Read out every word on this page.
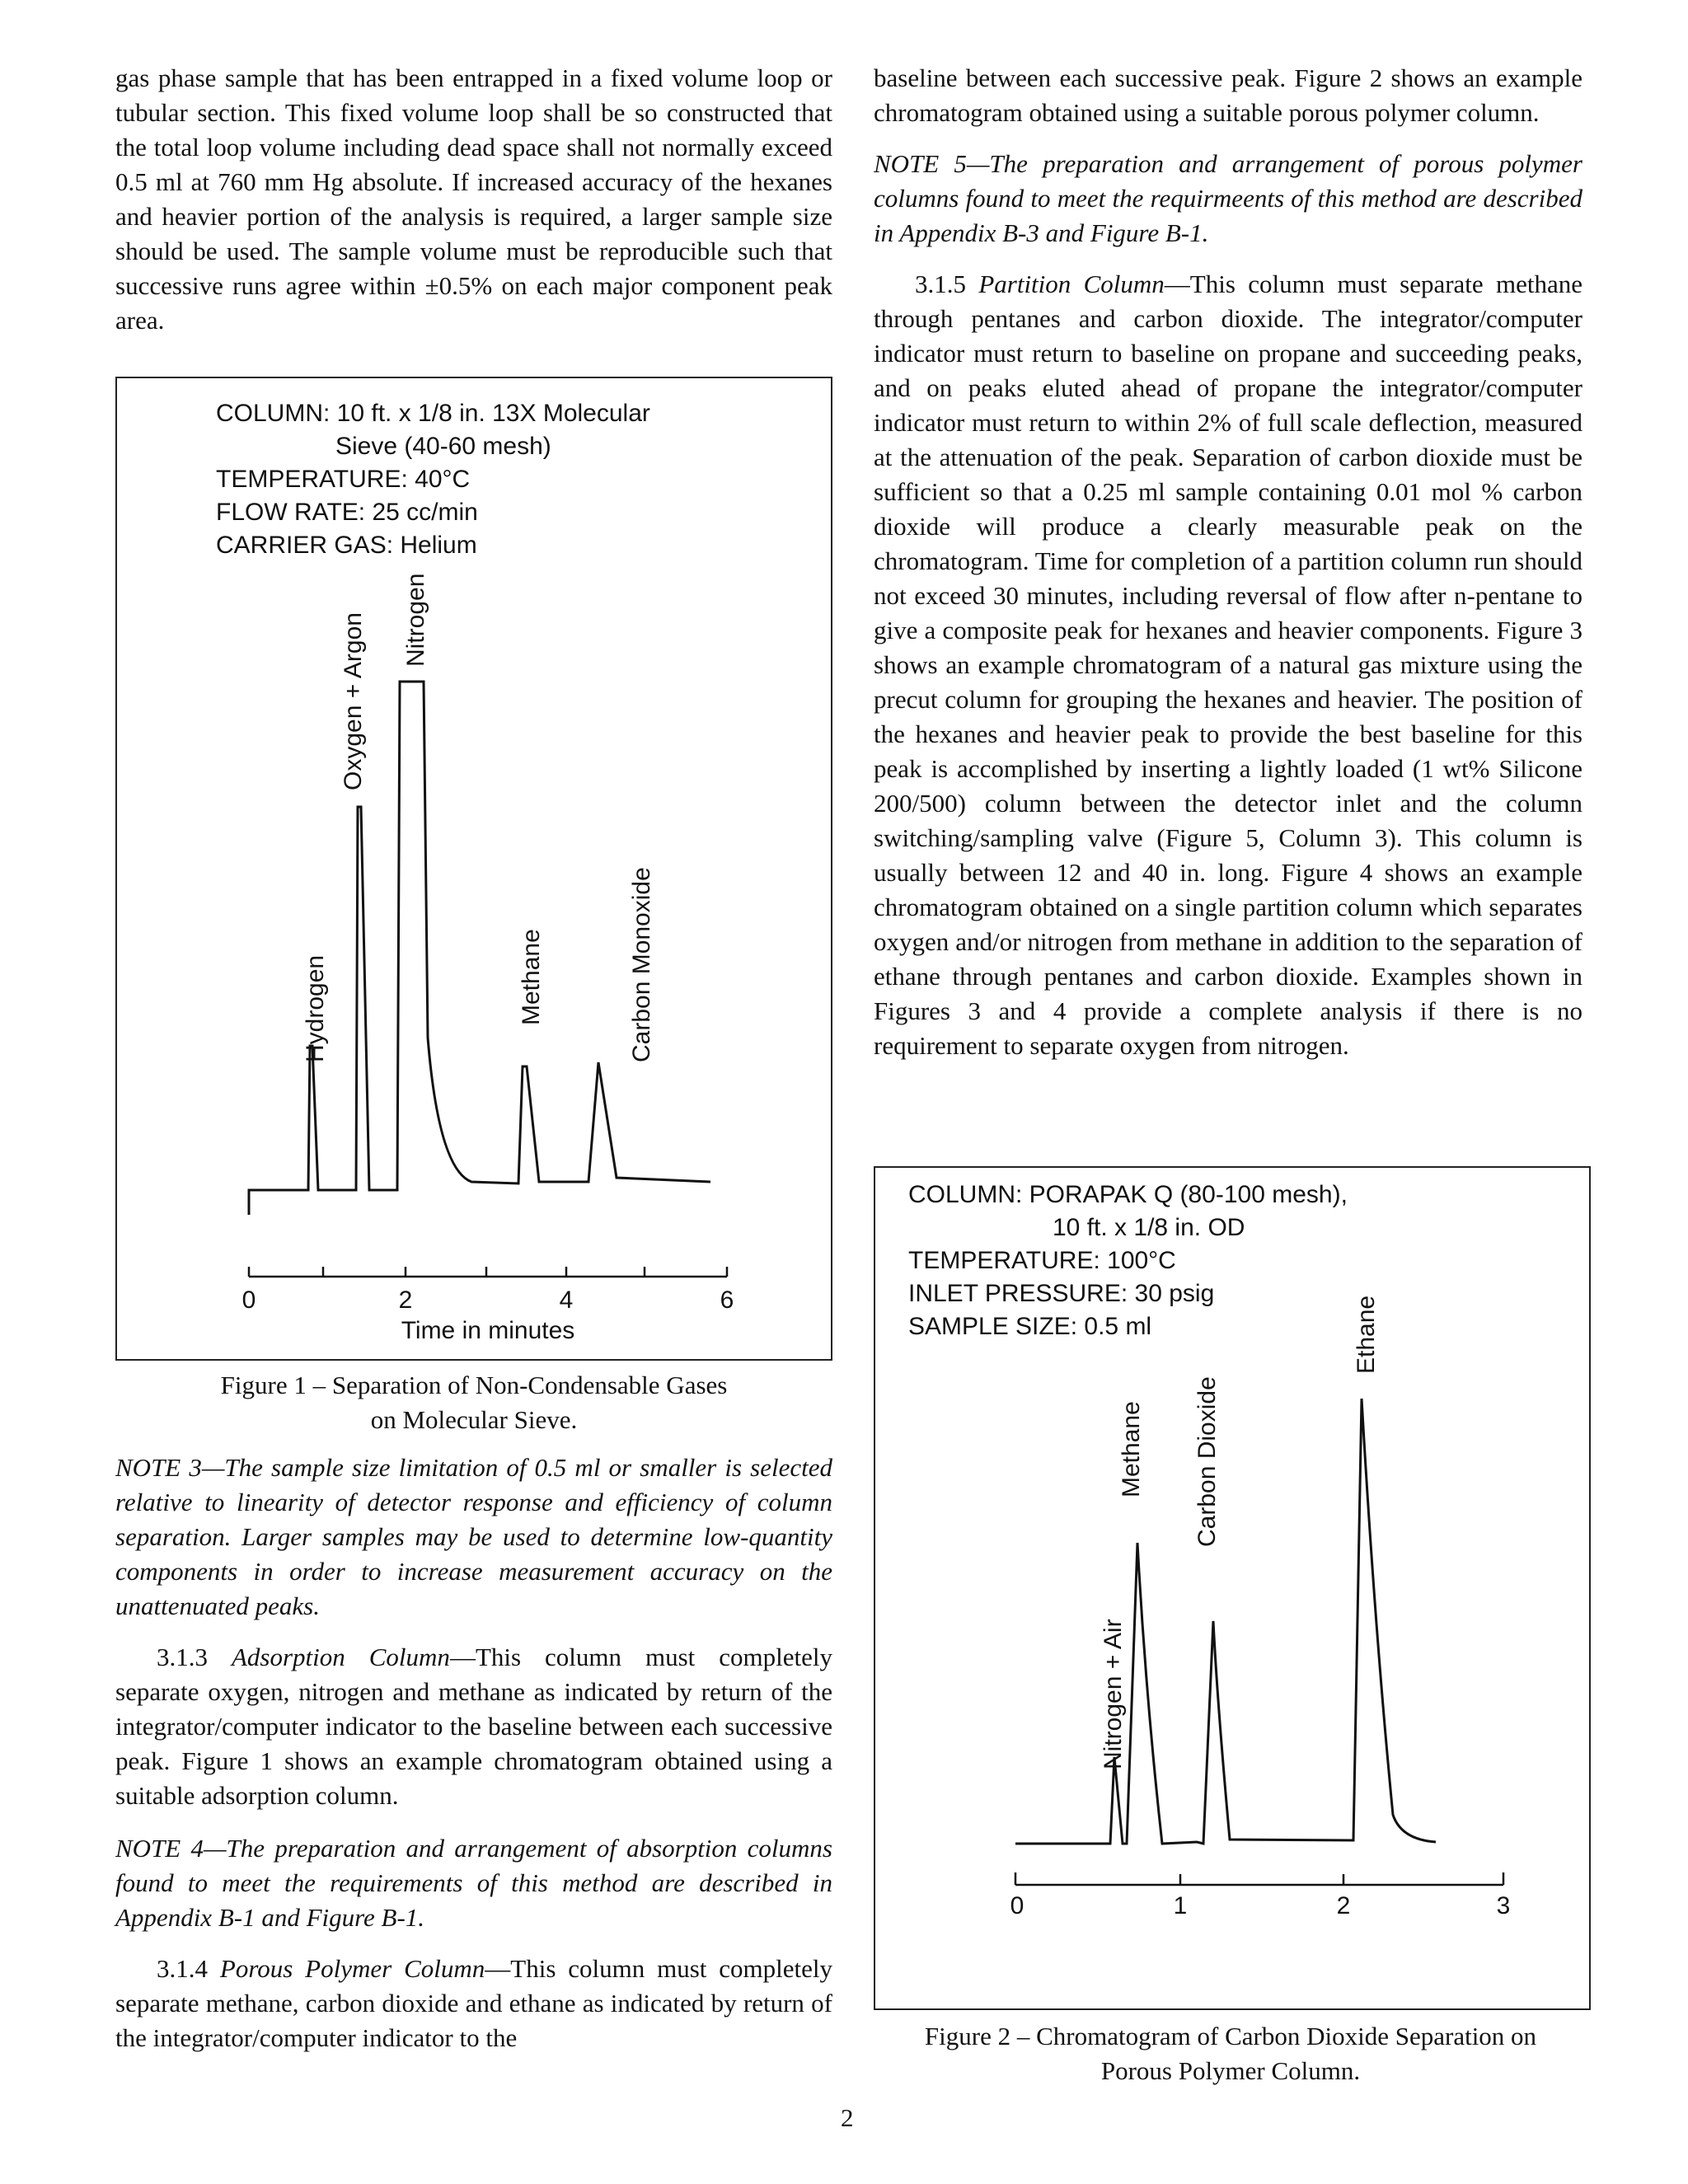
gas phase sample that has been entrapped in a fixed volume loop or tubular section. This fixed volume loop shall be so constructed that the total loop volume including dead space shall not normally exceed 0.5 ml at 760 mm Hg absolute. If increased accuracy of the hexanes and heavier portion of the analysis is required, a larger sample size should be used. The sample volume must be reproducible such that successive runs agree within ±0.5% on each major component peak area.

COLUMN: 10 ft. x 1/8 in. 13X Molecular
Sieve (40-60 mesh)
TEMPERATURE: 40°C
FLOW RATE: 25 cc/min
CARRIER GAS: Helium
Hydrogen
Oxygen + Argon Nitrogen
Methane	Carbon Monoxide
0	2	4	6
Time in minutes
Figure 1 – Separation of Non-Condensable Gases
on Molecular Sieve.

NOTE 3—The sample size limitation of 0.5 ml or smaller is selected relative to linearity of detector response and efficiency of column separation. Larger samples may be used to determine low-quantity components in order to increase measurement accuracy on the unattenuated peaks.

3.1.3 Adsorption Column—This column must completely separate oxygen, nitrogen and methane as indicated by return of the integrator/computer indicator to the baseline between each successive peak. Figure 1 shows an example chromatogram obtained using a suitable adsorption column.

NOTE 4—The preparation and arrangement of absorption columns found to meet the requirements of this method are described in Appendix B-1 and Figure B-1.

3.1.4 Porous Polymer Column—This column must completely separate methane, carbon dioxide and ethane as indicated by return of the integrator/computer indicator to the

baseline between each successive peak. Figure 2 shows an example chromatogram obtained using a suitable porous polymer column.

NOTE 5—The preparation and arrangement of porous polymer columns found to meet the requirmeents of this method are described in Appendix B-3 and Figure B-1.

3.1.5 Partition Column—This column must separate methane through pentanes and carbon dioxide. The integrator/computer indicator must return to baseline on propane and succeeding peaks, and on peaks eluted ahead of propane the integrator/computer indicator must return to within 2% of full scale deflection, measured at the attenuation of the peak. Separation of carbon dioxide must be sufficient so that a 0.25 ml sample containing 0.01 mol % carbon dioxide will produce a clearly measurable peak on the chromatogram. Time for completion of a partition column run should not exceed 30 minutes, including reversal of flow after n-pentane to give a composite peak for hexanes and heavier components. Figure 3 shows an example chromatogram of a natural gas mixture using the precut column for grouping the hexanes and heavier. The position of the hexanes and heavier peak to provide the best baseline for this peak is accomplished by inserting a lightly loaded (1 wt% Silicone 200/500) column between the detector inlet and the column switching/sampling valve (Figure 5, Column 3). This column is usually between 12 and 40 in. long. Figure 4 shows an example chromatogram obtained on a single partition column which separates oxygen and/or nitrogen from methane in addition to the separation of ethane through pentanes and carbon dioxide. Examples shown in Figures 3 and 4 provide a complete analysis if there is no requirement to separate oxygen from nitrogen.

COLUMN: PORAPAK Q (80-100 mesh),
10 ft. x 1/8 in. OD
TEMPERATURE: 100°C
INLET PRESSURE: 30 psig
SAMPLE SIZE: 0.5 ml
Nitrogen + Air
Methane Carbon Dioxide
Ethane
0	1	2	3
Figure 2 – Chromatogram of Carbon Dioxide Separation on
Porous Polymer Column.
2
